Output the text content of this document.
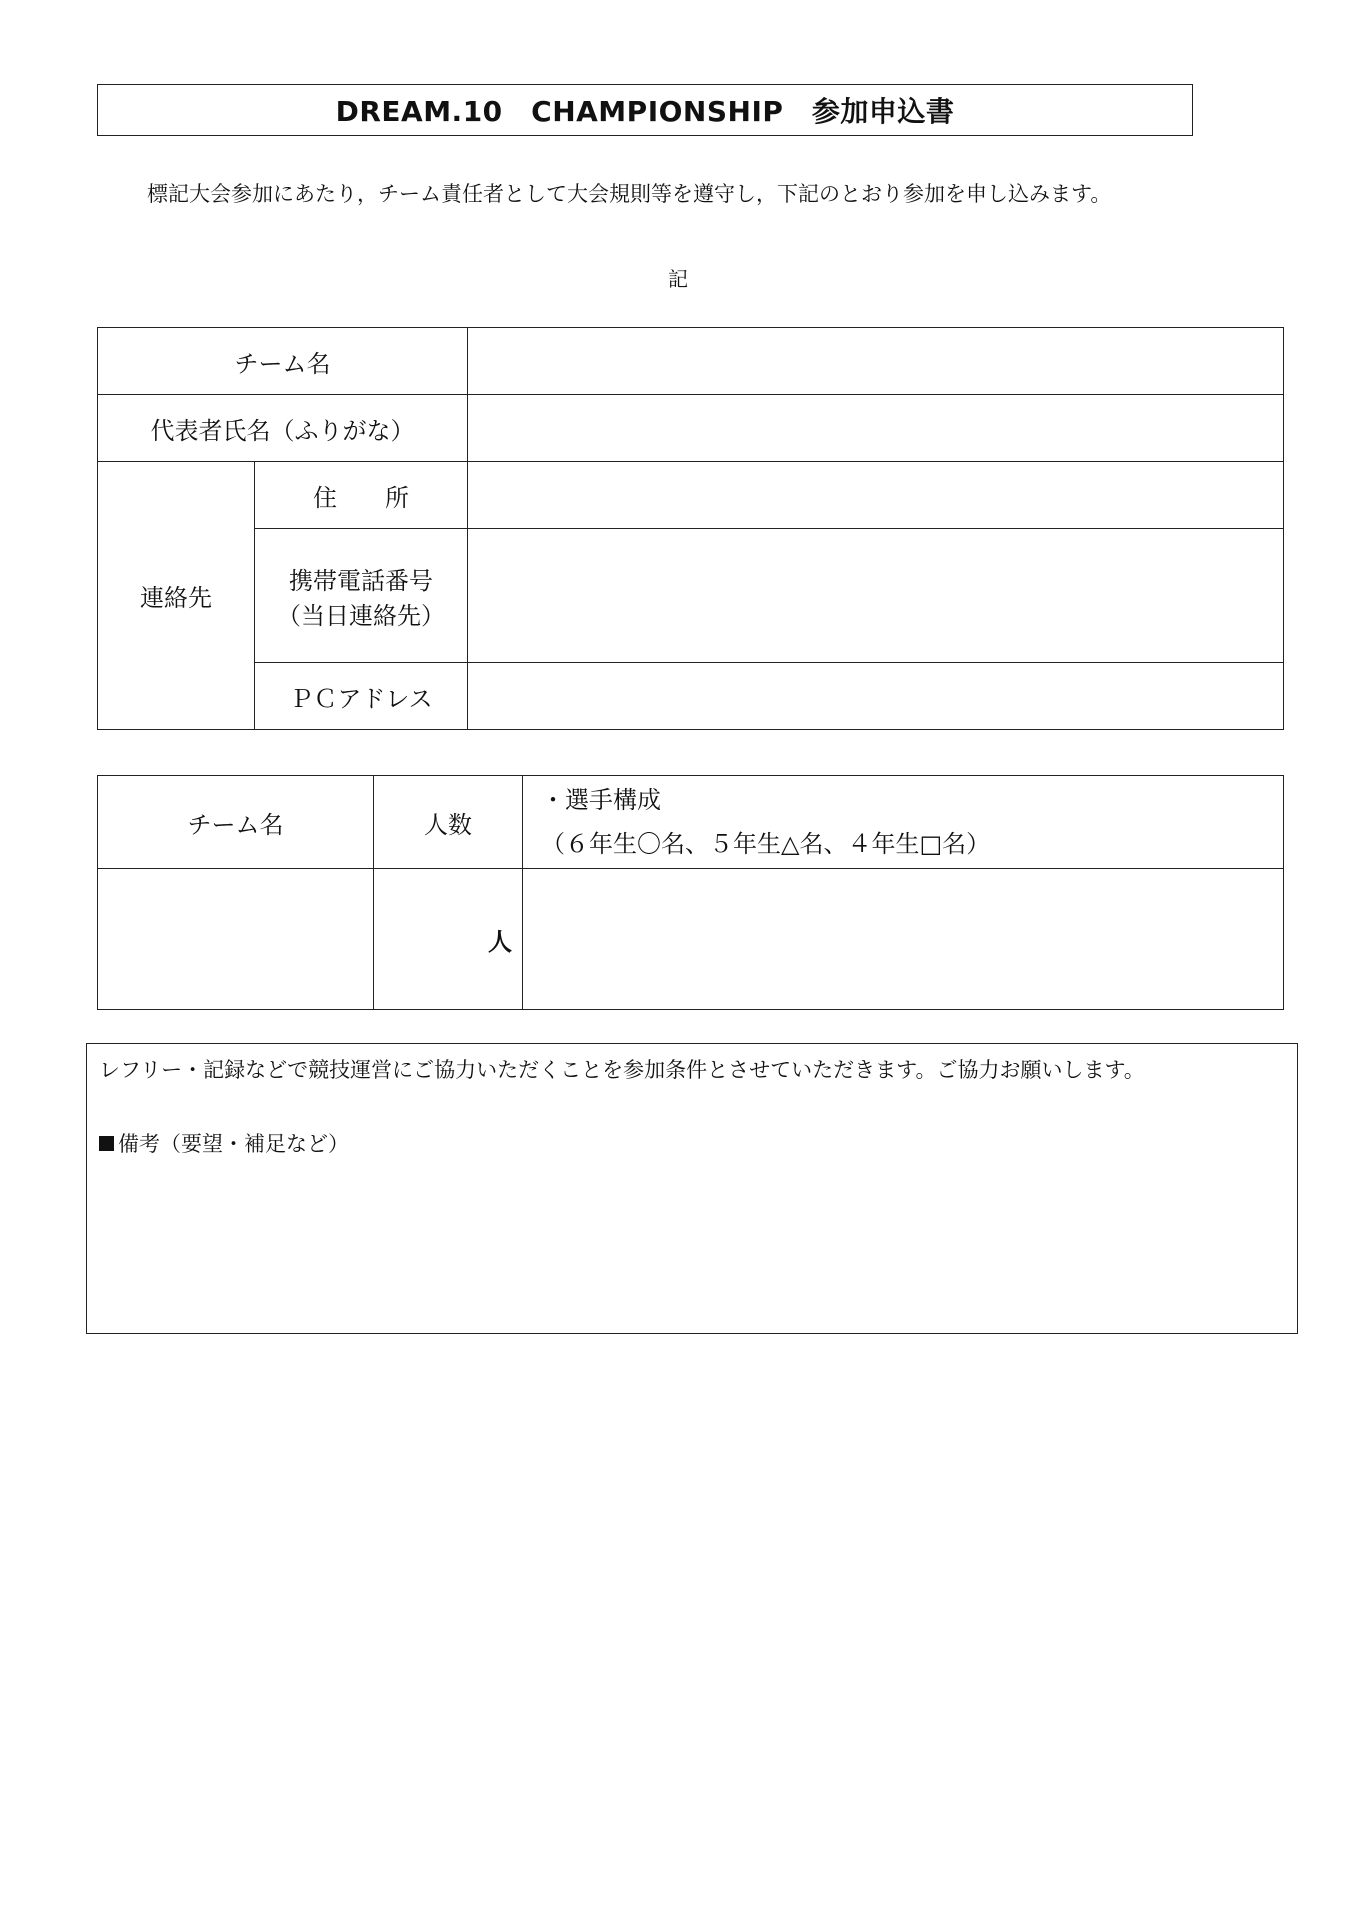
DREAM.10　CHAMPIONSHIP　参加申込書
標記大会参加にあたり，チーム責任者として大会規則等を遵守し，下記のとおり参加を申し込みます。
記
チーム名		
代表者氏名（ふりがな）		
連絡先	住　　所	

	携帯電話番号
（当日連絡先）	

	ＰＣアドレス	
チーム名	人数	・選手構成
（６年生〇名、５年生△名、４年生□名）

	人	
レフリー・記録などで競技運営にご協力いただくことを参加条件とさせていただきます。ご協力お願いします。
備考（要望・補足など）
